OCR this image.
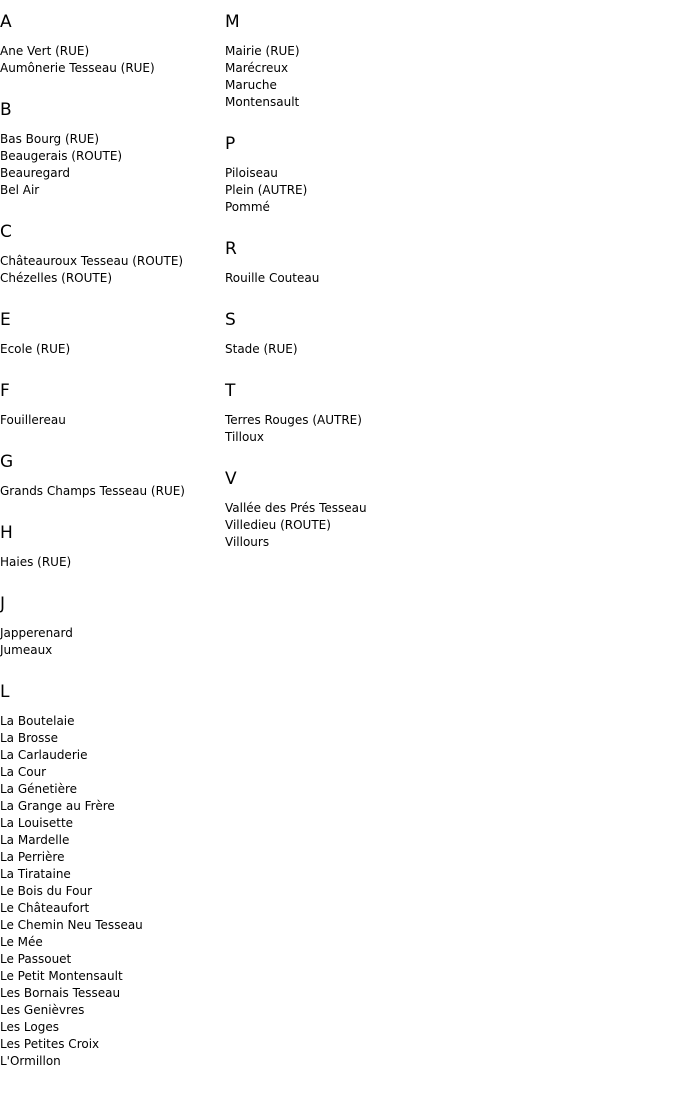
A
Ane Vert (RUE)
Aumônerie Tesseau (RUE)
B
Bas Bourg (RUE)
Beaugerais (ROUTE)
Beauregard
Bel Air
C
Châteauroux Tesseau (ROUTE)
Chézelles (ROUTE)
E
Ecole (RUE)
F
Fouillereau
G
Grands Champs Tesseau (RUE)
H
Haies (RUE)
J
Japperenard
Jumeaux
L
La Boutelaie
La Brosse
La Carlauderie
La Cour
La Génetière
La Grange au Frère
La Louisette
La Mardelle
La Perrière
La Tirataine
Le Bois du Four
Le Châteaufort
Le Chemin Neu Tesseau
Le Mée
Le Passouet
Le Petit Montensault
Les Bornais Tesseau
Les Genièvres
Les Loges
Les Petites Croix
L'Ormillon
M
Mairie (RUE)
Marécreux
Maruche
Montensault
P
Piloiseau
Plein (AUTRE)
Pommé
R
Rouille Couteau
S
Stade (RUE)
T
Terres Rouges (AUTRE)
Tilloux
V
Vallée des Prés Tesseau
Villedieu (ROUTE)
Villours
